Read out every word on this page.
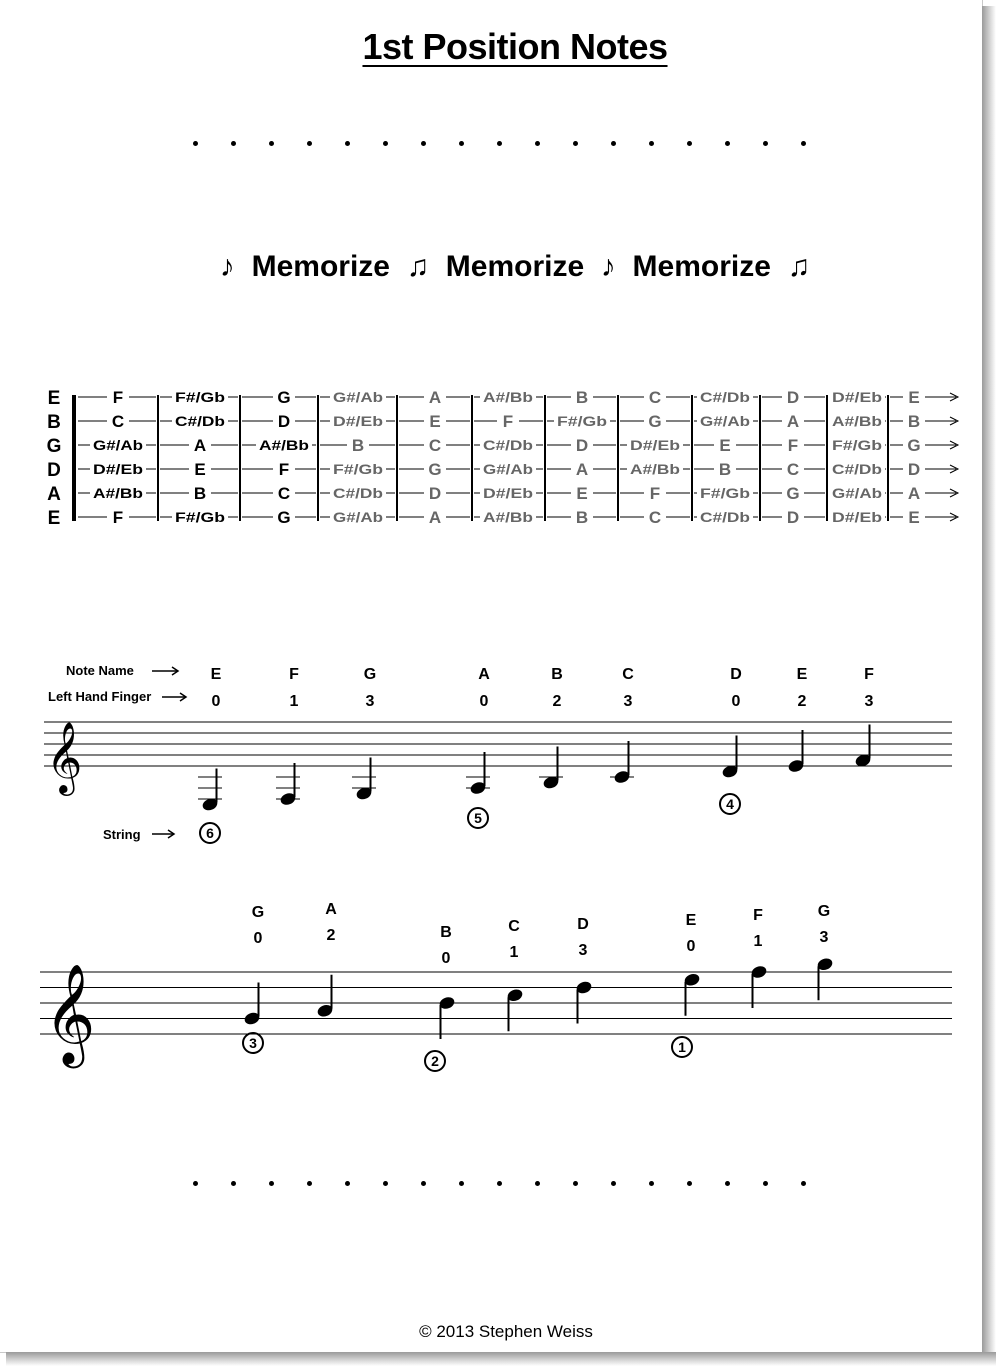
1st Position Notes
♪  Memorize  ♫  Memorize  ♪  Memorize  ♫
E
B
G
D
A
E
F
C
G#/Ab
D#/Eb
A#/Bb
F
F#/Gb
C#/Db
A
E
B
F#/Gb
G
D
A#/Bb
F
C
G
G#/Ab
D#/Eb
B
F#/Gb
C#/Db
G#/Ab
A
E
C
G
D
A
A#/Bb
F
C#/Db
G#/Ab
D#/Eb
A#/Bb
B
F#/Gb
D
A
E
B
C
G
D#/Eb
A#/Bb
F
C
C#/Db
G#/Ab
E
B
F#/Gb
C#/Db
D
A
F
C
G
D
D#/Eb
A#/Bb
F#/Gb
C#/Db
G#/Ab
D#/Eb
E
B
G
D
A
E
𝄞
Note Name
Left Hand Finger
String
E
0
F
1
G
3
A
0
B
2
C
3
D
0
E
2
F
3
6
5
4
𝄞
G
0
A
2	B
0
C
1
D
3
E
0
F
1
G
3
3
2
1
© 2013 Stephen Weiss
